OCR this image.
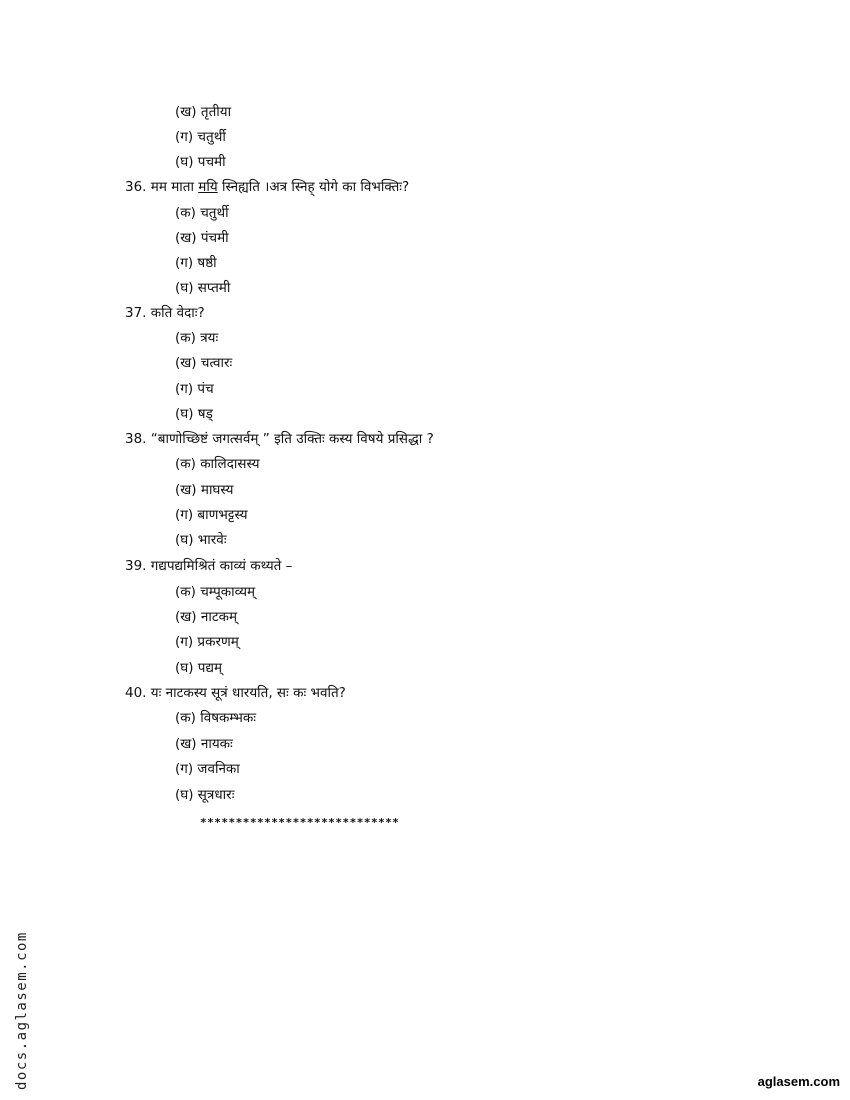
(ख) तृतीया
(ग) चतुर्थी
(घ) पचमी
36. मम माता मयि स्निह्यति ।अत्र स्निह् योगे का विभक्तिः?
(क) चतुर्थी
(ख) पंचमी
(ग) षष्ठी
(घ) सप्तमी
37. कति वेदाः?
(क) त्रयः
(ख) चत्वारः
(ग) पंच
(घ) षड्
38. “बाणोच्छिष्टं जगत्सर्वम् ” इति उक्तिः कस्य विषये प्रसिद्धा ?
(क) कालिदासस्य
(ख) माघस्य
(ग) बाणभट्टस्य
(घ) भारवेः
39. गद्यपद्यमिश्रितं काव्यं कथ्यते –
(क) चम्पूकाव्यम्
(ख) नाटकम्
(ग) प्रकरणम्
(घ) पद्यम्
40. यः नाटकस्य सूत्रं धारयति, सः कः भवति?
(क) विषकम्भकः
(ख) नायकः
(ग) जवनिका
(घ) सूत्रधारः
****************************
docs.aglasem.com	aglasem.com
